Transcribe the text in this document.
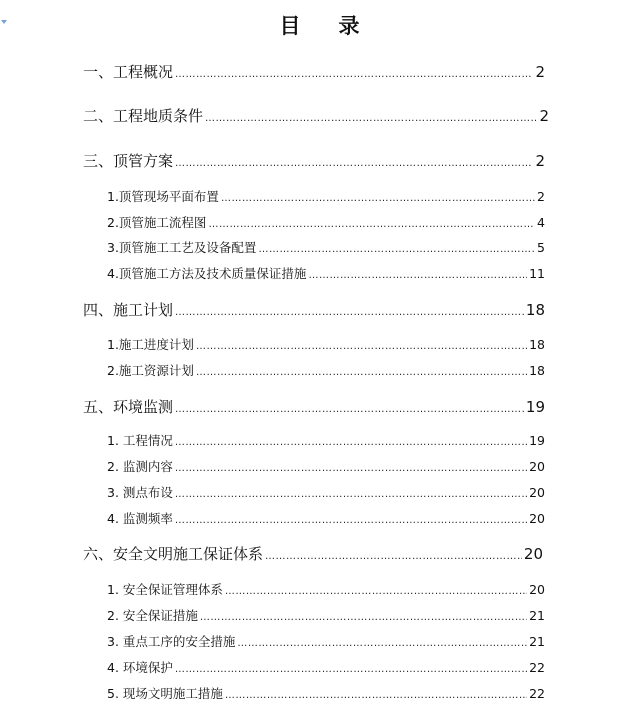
目 录
一、工程概况 ………………………………………………………………………………………………………………………………………………………………	2
二、工程地质条件 ………………………………………………………………………………………………………………………………………………………………	2
三、顶管方案 ………………………………………………………………………………………………………………………………………………………………	2
1.顶管现场平面布置 ………………………………………………………………………………………………………………………………………………………………	2
2.顶管施工流程图 ………………………………………………………………………………………………………………………………………………………………	4
3.顶管施工工艺及设备配置 ………………………………………………………………………………………………………………………………………………………………	5
4.顶管施工方法及技术质量保证措施 ………………………………………………………………………………………………………………………………………………………………	11
四、施工计划 ………………………………………………………………………………………………………………………………………………………………	18
1.施工进度计划 ………………………………………………………………………………………………………………………………………………………………	18
2.施工资源计划 ………………………………………………………………………………………………………………………………………………………………	18
五、环境监测 ………………………………………………………………………………………………………………………………………………………………	19
1. 工程情况 ………………………………………………………………………………………………………………………………………………………………	19
2. 监测内容 ………………………………………………………………………………………………………………………………………………………………	20
3. 测点布设 ………………………………………………………………………………………………………………………………………………………………	20
4. 监测频率 ………………………………………………………………………………………………………………………………………………………………	20
六、安全文明施工保证体系 ………………………………………………………………………………………………………………………………………………………………	20
1. 安全保证管理体系 ………………………………………………………………………………………………………………………………………………………………	20
2. 安全保证措施 ………………………………………………………………………………………………………………………………………………………………	21
3. 重点工序的安全措施 ………………………………………………………………………………………………………………………………………………………………	21
4. 环境保护 ………………………………………………………………………………………………………………………………………………………………	22
5. 现场文明施工措施 ………………………………………………………………………………………………………………………………………………………………	22
